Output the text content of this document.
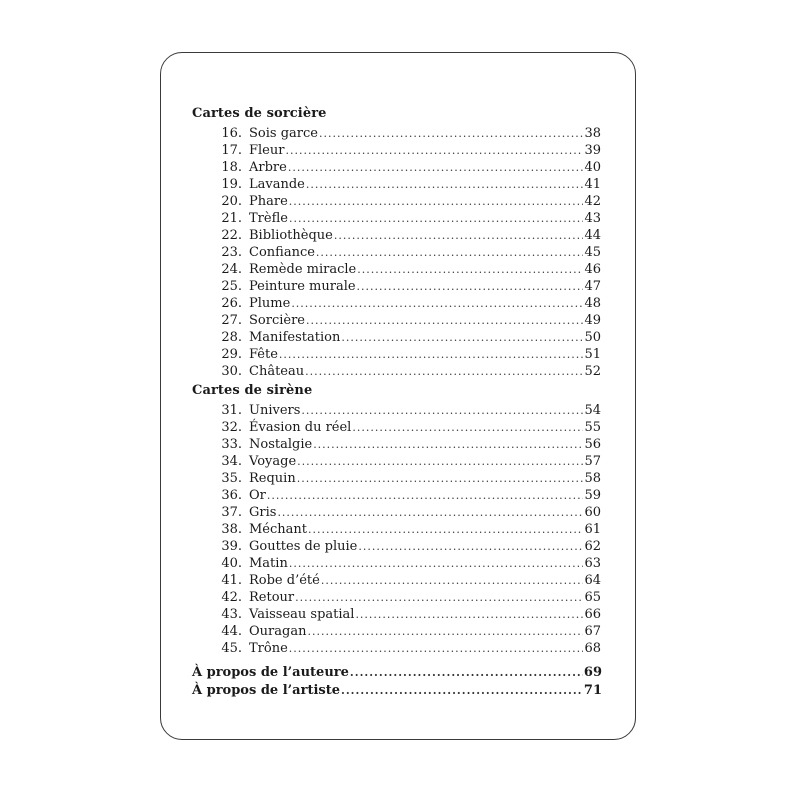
Cartes de sorcière
16. Sois garce .....	38
17. Fleur .....	39
18. Arbre .....	40
19. Lavande .....	41
20. Phare .....	42
21. Trèfle .....	43
22. Bibliothèque .....	44
23. Confiance .....	45
24. Remède miracle .....	46
25. Peinture murale .....	47
26. Plume .....	48
27. Sorcière .....	49
28. Manifestation .....	50
29. Fête .....	51
30. Château .....	52
Cartes de sirène
31. Univers .....	54
32. Évasion du réel .....	55
33. Nostalgie .....	56
34. Voyage .....	57
35. Requin .....	58
36. Or .....	59
37. Gris .....	60
38. Méchant .....	61
39. Gouttes de pluie .....	62
40. Matin .....	63
41. Robe d’été .....	64
42. Retour .....	65
43. Vaisseau spatial .....	66
44. Ouragan .....	67
45. Trône .....	68
À propos de l’auteure .....	69
À propos de l’artiste .....	71
